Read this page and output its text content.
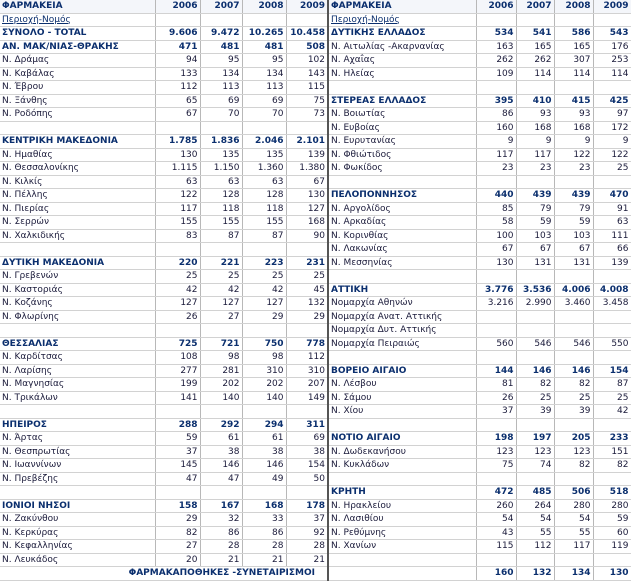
ΦΑΡΜΑΚΕΙΑ	2006	2007	2008	2009	ΦΑΡΜΑΚΕΙΑ	2006	2007	2008	2009
Περιοχή-Νομός					Περιοχή-Νομός				
ΣΥΝΟΛΟ - TOTAL	9.606	9.472	10.265	10.458	ΔΥΤΙΚΗΣ ΕΛΛΑΔΟΣ	534	541	586	543
ΑΝ. ΜΑΚ/ΝΙΑΣ-ΘΡΑΚΗΣ	471	481	481	508	Ν. Αιτωλίας -Ακαρνανίας	163	165	165	176
Ν. Δράμας	94	95	95	102	Ν. Αχαΐας	262	262	307	253
Ν. Καβάλας	133	134	134	143	Ν. Ηλείας	109	114	114	114
Ν. Έβρου	112	113	113	115					
Ν. Ξάνθης	65	69	69	75	ΣΤΕΡΕΑΣ ΕΛΛΑΔΟΣ	395	410	415	425
Ν. Ροδόπης	67	70	70	73	Ν. Βοιωτίας	86	93	93	97
					Ν. Ευβοίας	160	168	168	172
ΚΕΝΤΡΙΚΗ ΜΑΚΕΔΟΝΙΑ	1.785	1.836	2.046	2.101	Ν. Ευρυτανίας	9	9	9	9
Ν. Ημαθίας	130	135	135	139	Ν. Φθιώτιδος	117	117	122	122
Ν. Θεσσαλονίκης	1.115	1.150	1.360	1.380	Ν. Φωκίδος	23	23	23	25
Ν. Κιλκίς	63	63	63	67					
Ν. Πέλλης	122	128	128	130	ΠΕΛΟΠΟΝΝΗΣΟΣ	440	439	439	470
Ν. Πιερίας	117	118	118	127	Ν. Αργολίδος	85	79	79	91
Ν. Σερρών	155	155	155	168	Ν. Αρκαδίας	58	59	59	63
Ν. Χαλκιδικής	83	87	87	90	Ν. Κορινθίας	100	103	103	111
					Ν. Λακωνίας	67	67	67	66
ΔΥΤΙΚΗ ΜΑΚΕΔΟΝΙΑ	220	221	223	231	Ν. Μεσσηνίας	130	131	131	139
Ν. Γρεβενών	25	25	25	25					
Ν. Καστοριάς	42	42	42	45	ΑΤΤΙΚΗ	3.776	3.536	4.006	4.008
Ν. Κοζάνης	127	127	127	132	Νομαρχία Αθηνών	3.216	2.990	3.460	3.458
Ν. Φλωρίνης	26	27	29	29	Νομαρχία Ανατ. Αττικής				
					Νομαρχία Δυτ. Αττικής				
ΘΕΣΣΑΛΙΑΣ	725	721	750	778	Νομαρχία Πειραιώς	560	546	546	550
Ν. Καρδίτσας	108	98	98	112					
Ν. Λαρίσης	277	281	310	310	ΒΟΡΕΙΟ ΑΙΓΑΙΟ	144	146	146	154
Ν. Μαγνησίας	199	202	202	207	Ν. Λέσβου	81	82	82	87
Ν. Τρικάλων	141	140	140	149	Ν. Σάμου	26	25	25	25
					Ν. Χίου	37	39	39	42
ΗΠΕΙΡΟΣ	288	292	294	311					
Ν. Άρτας	59	61	61	69	ΝΟΤΙΟ ΑΙΓΑΙΟ	198	197	205	233
Ν. Θεσπρωτίας	37	38	38	38	Ν. Δωδεκανήσου	123	123	123	151
Ν. Ιωαννίνων	145	146	146	154	Ν. Κυκλάδων	75	74	82	82
Ν. Πρεβέζης	47	47	49	50					
					ΚΡΗΤΗ	472	485	506	518
ΙΟΝΙΟΙ ΝΗΣΟΙ	158	167	168	178	Ν. Ηρακλείου	260	264	280	280
Ν. Ζακύνθου	29	32	33	37	Ν. Λασιθίου	54	54	54	59
Ν. Κερκύρας	82	86	86	92	Ν. Ρεθύμνης	43	55	55	60
Ν. Κεφαλληνίας	27	28	28	28	Ν. Χανίων	115	112	117	119
Ν. Λευκάδος	20	21	21	21					
ΦΑΡΜΑΚΑΠΟΘΗΚΕΣ -ΣΥΝΕΤΑΙΡΙΣΜΟΙ						160	132	134	130
